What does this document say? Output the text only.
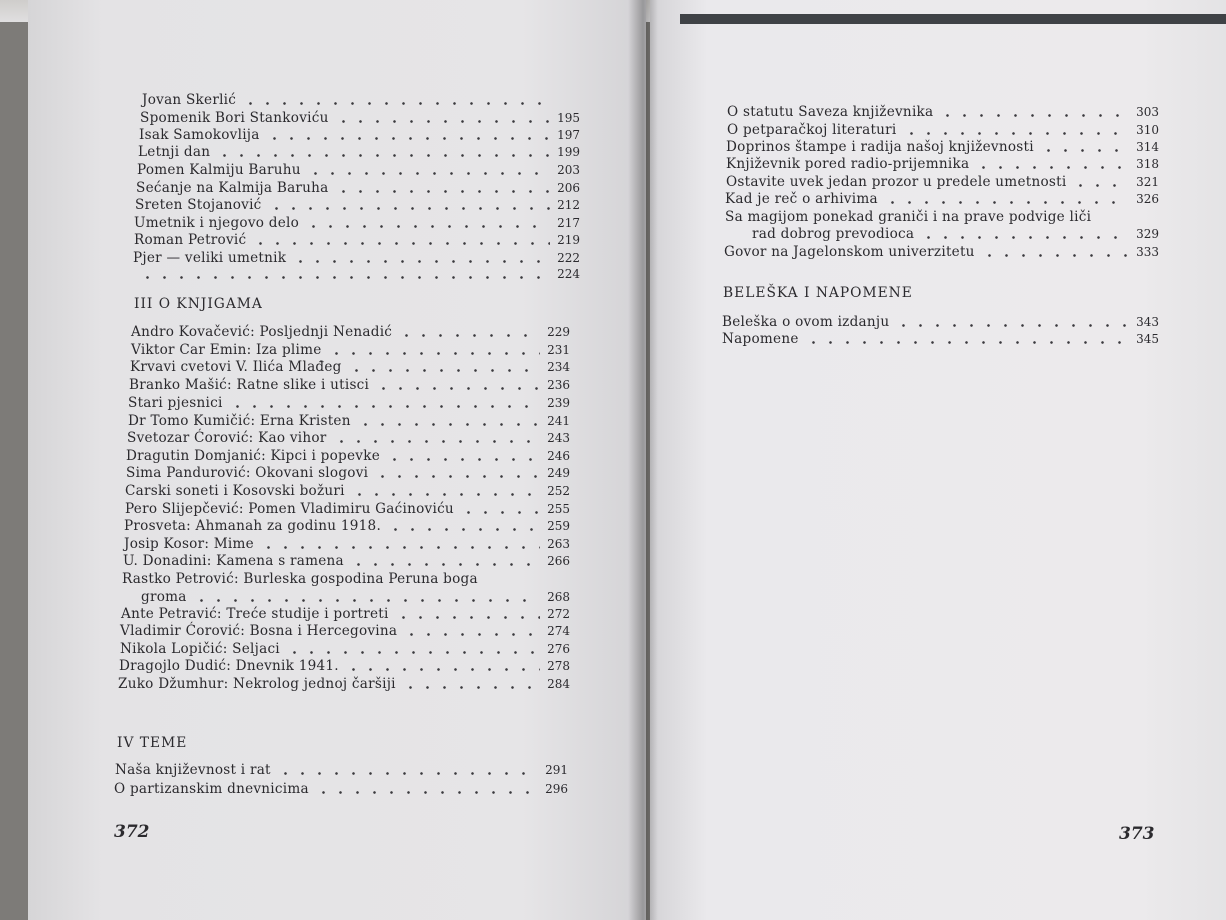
Jovan Skerlić
Spomenik Bori Stankoviću	195
Isak Samokovlija	197
Letnji dan	199
Pomen Kalmiju Baruhu	203
Sećanje na Kalmija Baruha	206
Sreten Stojanović	212
Umetnik i njegovo delo	217
Roman Petrović	219
Pjer — veliki umetnik	222
224
III O KNJIGAMA
Andro Kovačević: Posljednji Nenadić	229
Viktor Car Emin: Iza plime	231
Krvavi cvetovi V. Ilića Mlađeg	234
Branko Mašić: Ratne slike i utisci	236
Stari pjesnici	239
Dr Tomo Kumičić: Erna Kristen	241
Svetozar Ćorović: Kao vihor	243
Dragutin Domjanić: Kipci i popevke	246
Sima Pandurović: Okovani slogovi	249
Carski soneti i Kosovski božuri	252
Pero Slijepčević: Pomen Vladimiru Gaćinoviću	255
Prosveta: Ahmanah za godinu 1918.	259
Josip Kosor: Mime	263
U. Donadini: Kamena s ramena	266
Rastko Petrović: Burleska gospodina Peruna boga
groma	268
Ante Petravić: Treće studije i portreti	272
Vladimir Ćorović: Bosna i Hercegovina	274
Nikola Lopičić: Seljaci	276
Dragojlo Dudić: Dnevnik 1941.	278
Zuko Džumhur: Nekrolog jednoj čaršiji	284
IV TEME
Naša književnost i rat	291
O partizanskim dnevnicima	296
372
O statutu Saveza književnika	303
O petparačkoj literaturi	310
Doprinos štampe i radija našoj književnosti	314
Književnik pored radio-prijemnika	318
Ostavite uvek jedan prozor u predele umetnosti	321
Kad je reč o arhivima	326
Sa magijom ponekad graniči i na prave podvige liči
rad dobrog prevodioca	329
Govor na Jagelonskom univerzitetu	333
BELEŠKA I NAPOMENE
Beleška o ovom izdanju	343
Napomene	345
373
